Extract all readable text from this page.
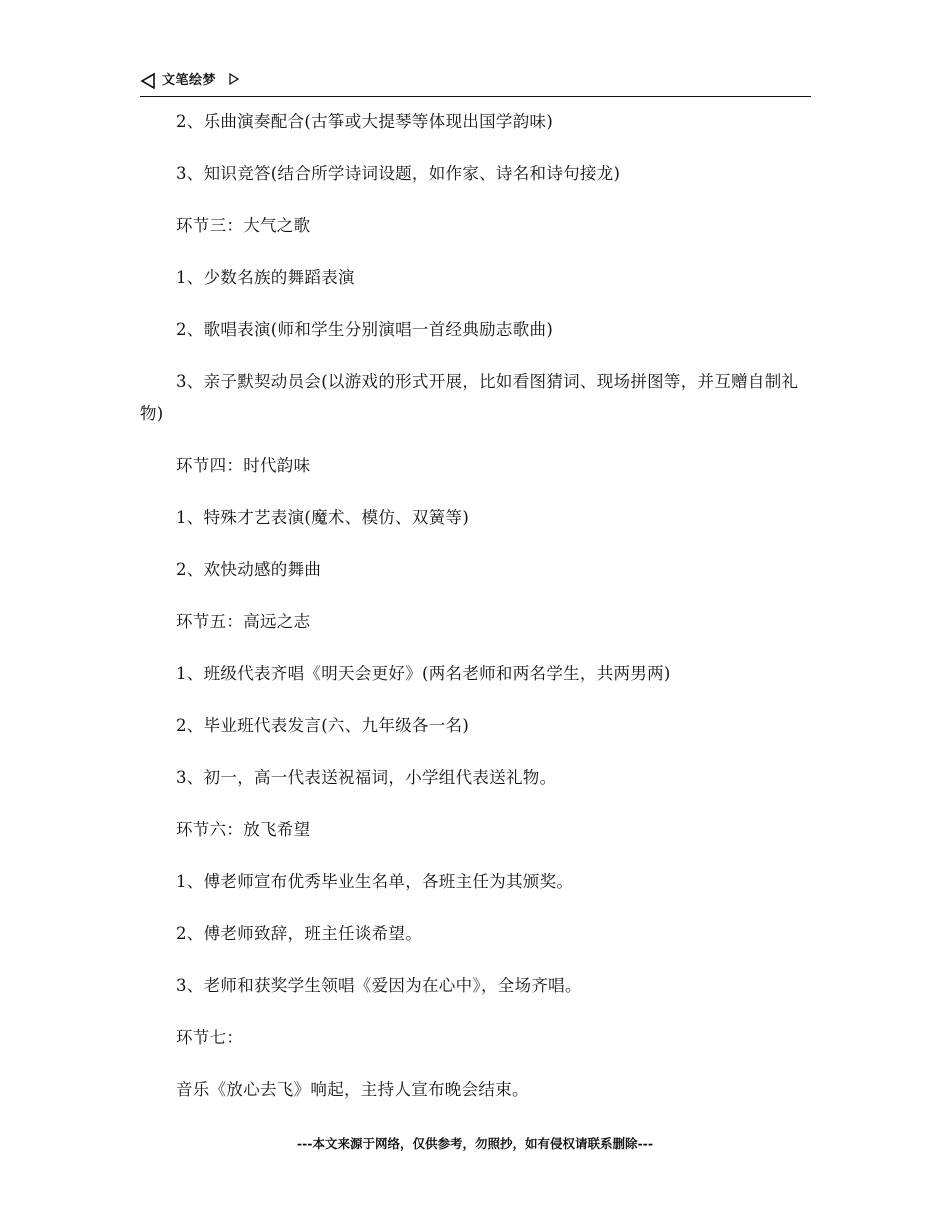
文笔绘梦

2、乐曲演奏配合(古筝或大提琴等体现出国学韵味)

3、知识竞答(结合所学诗词设题，如作家、诗名和诗句接龙)

环节三：大气之歌

1、少数名族的舞蹈表演

2、歌唱表演(师和学生分别演唱一首经典励志歌曲)

3、亲子默契动员会(以游戏的形式开展，比如看图猜词、现场拼图等，并互赠自制礼物)

环节四：时代韵味

1、特殊才艺表演(魔术、模仿、双簧等)

2、欢快动感的舞曲

环节五：高远之志

1、班级代表齐唱《明天会更好》(两名老师和两名学生，共两男两)

2、毕业班代表发言(六、九年级各一名)

3、初一，高一代表送祝福词，小学组代表送礼物。

环节六：放飞希望

1、傅老师宣布优秀毕业生名单，各班主任为其颁奖。

2、傅老师致辞，班主任谈希望。

3、老师和获奖学生领唱《爱因为在心中》，全场齐唱。

环节七：

音乐《放心去飞》响起，主持人宣布晚会结束。

---本文来源于网络，仅供参考，勿照抄，如有侵权请联系删除---
